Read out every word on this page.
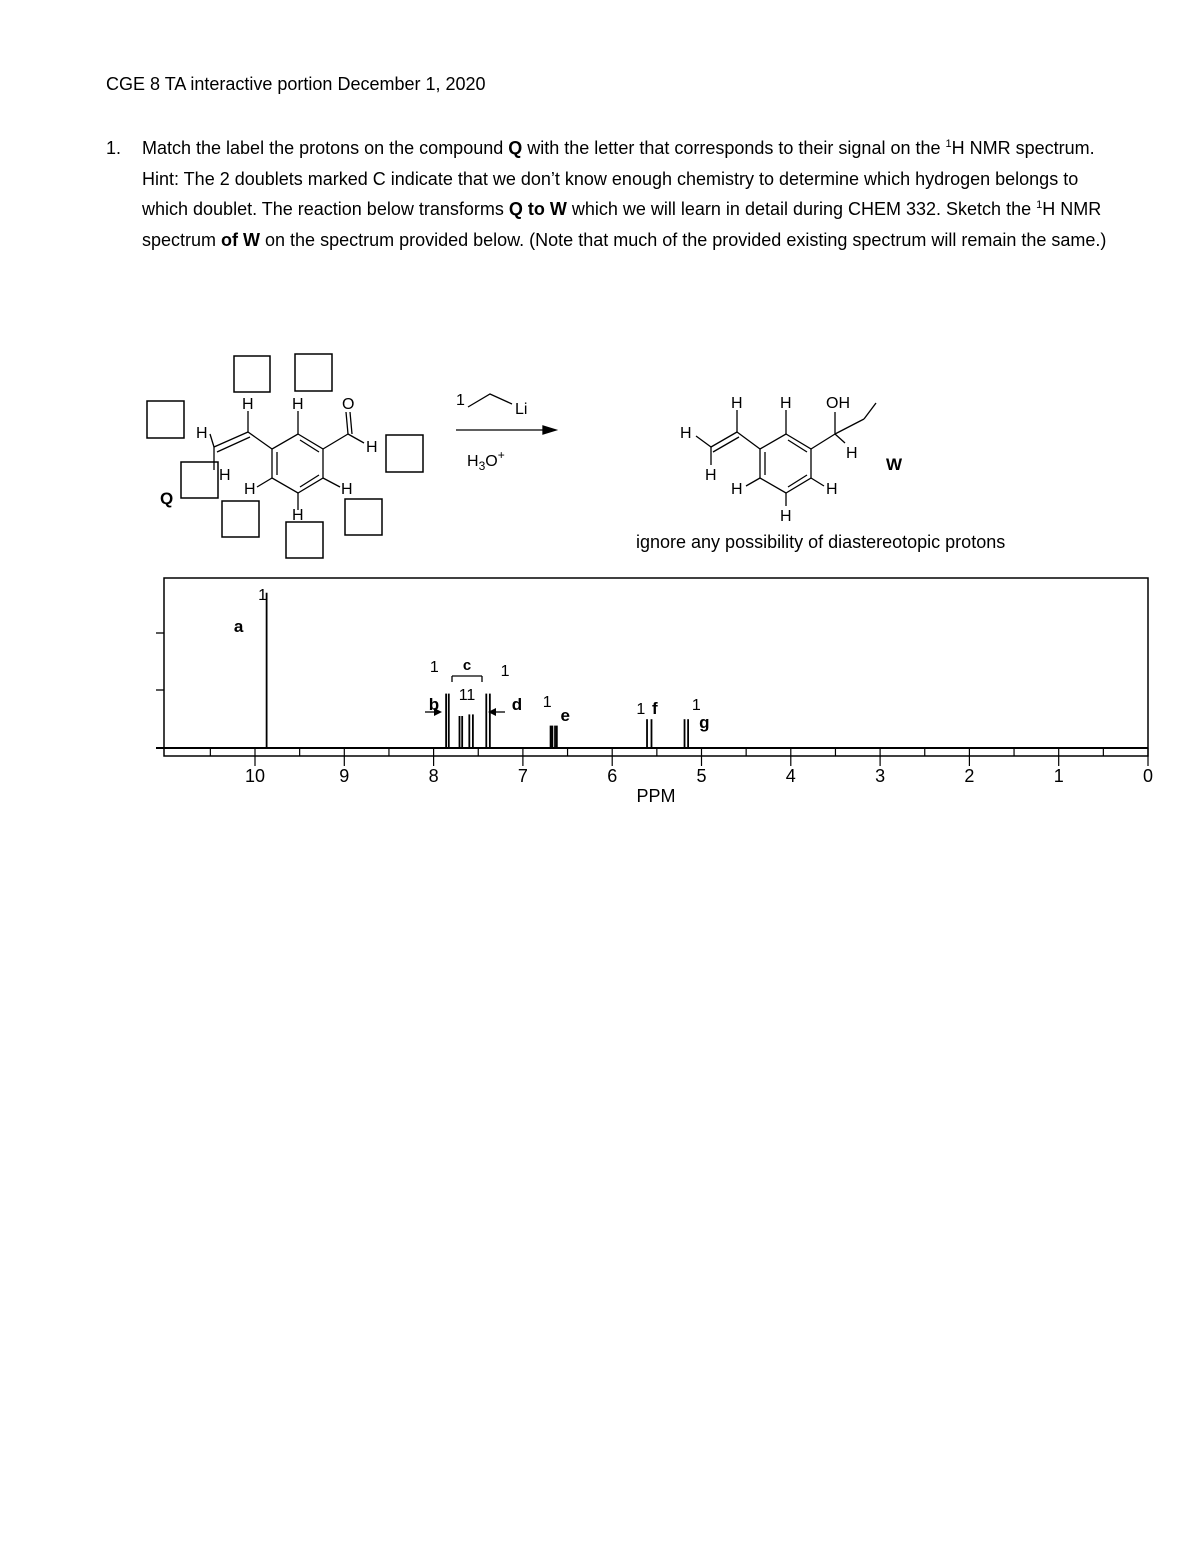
CGE 8 TA interactive portion December 1, 2020
1. Match the label the protons on the compound Q with the letter that corresponds to their signal on the $^1$H NMR spectrum. Hint: The 2 doublets marked C indicate that we don’t know enough chemistry to determine which hydrogen belongs to which doublet. The reaction below transforms Q to W which we will learn in detail during CHEM 332. Sketch the $^1$H NMR spectrum of W on the spectrum provided below. (Note that much of the provided existing spectrum will remain the same.)
H H O
H
H
H
H	H
H
Q
1
Li
$H_3O^+$
H H OH
H
H
H
H	H
H
W
ignore any possibility of diastereotopic protons
10	9	8	7	6	5	4	3	2	1	0
PPM
c
11
a
1
b
1	1
d
e
1	f
1
g
1
